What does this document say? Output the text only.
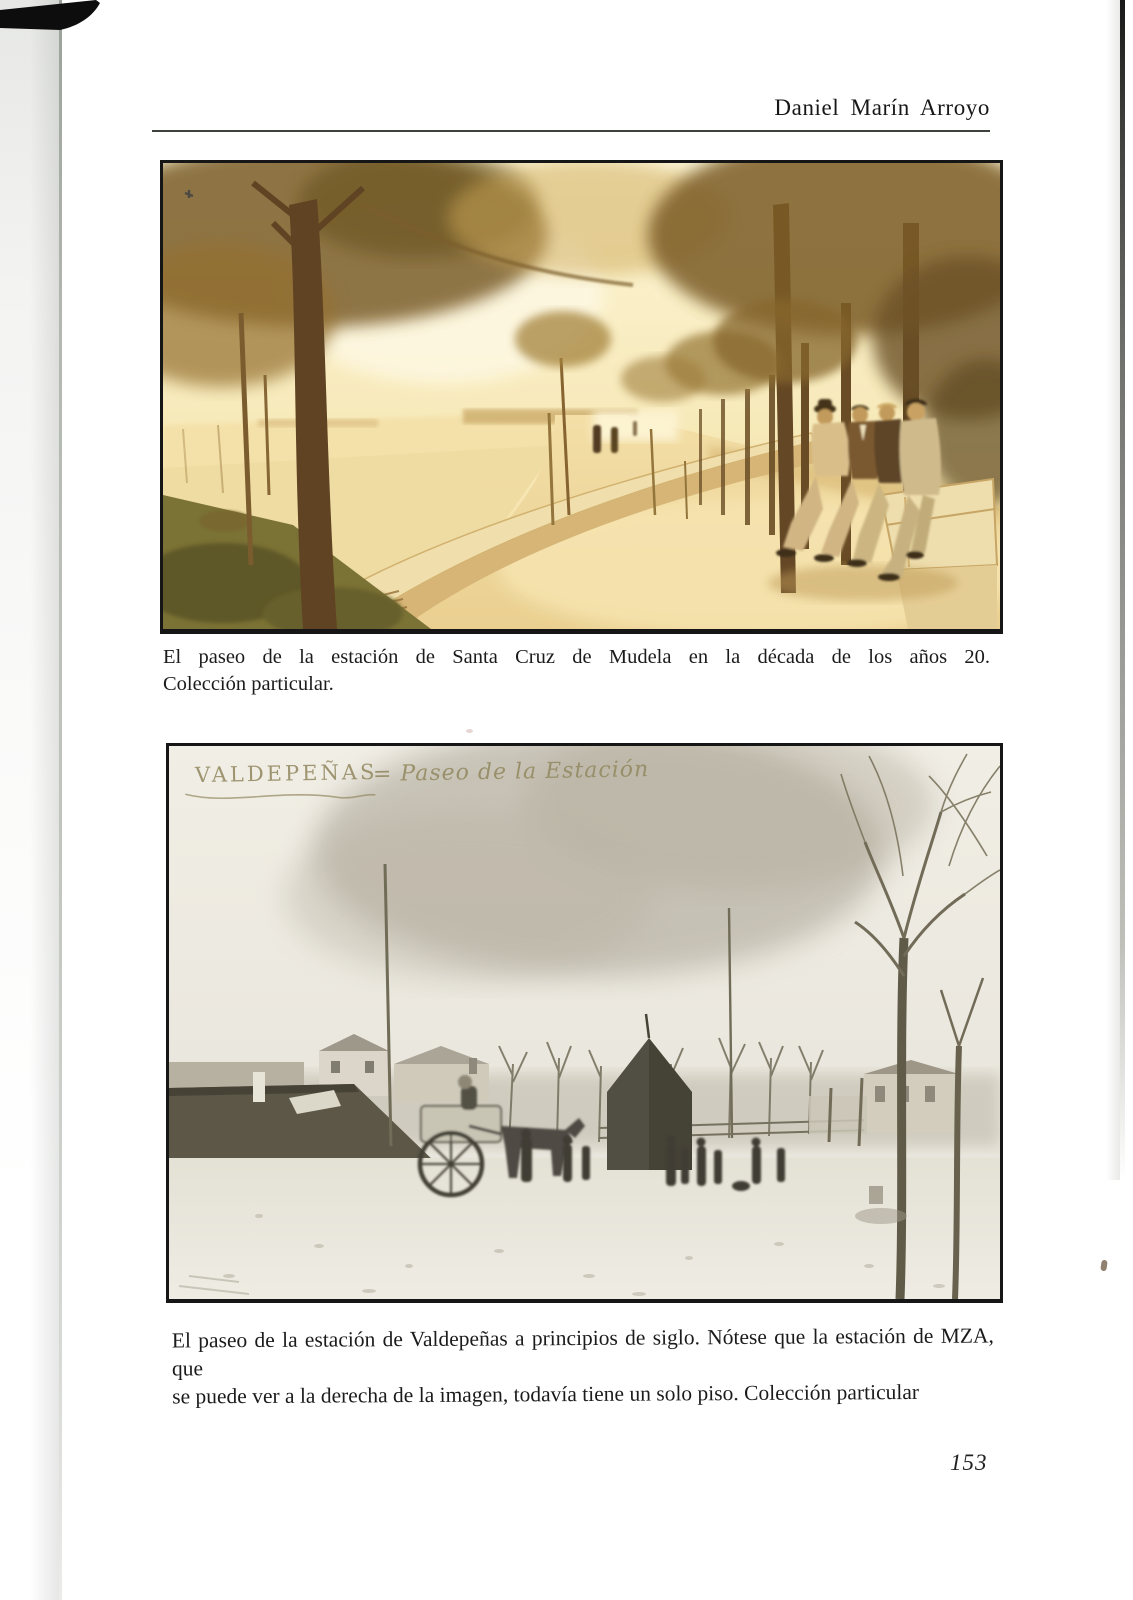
Daniel Marín Arroyo
El paseo de la estación de Santa Cruz de Mudela en la década de los años 20.
Colección particular.
VALDEPEÑAS
= Paseo de la Estación
El paseo de la estación de Valdepeñas a principios de siglo. Nótese que la estación de MZA, que
se puede ver a la derecha de la imagen, todavía tiene un solo piso. Colección particular
153
